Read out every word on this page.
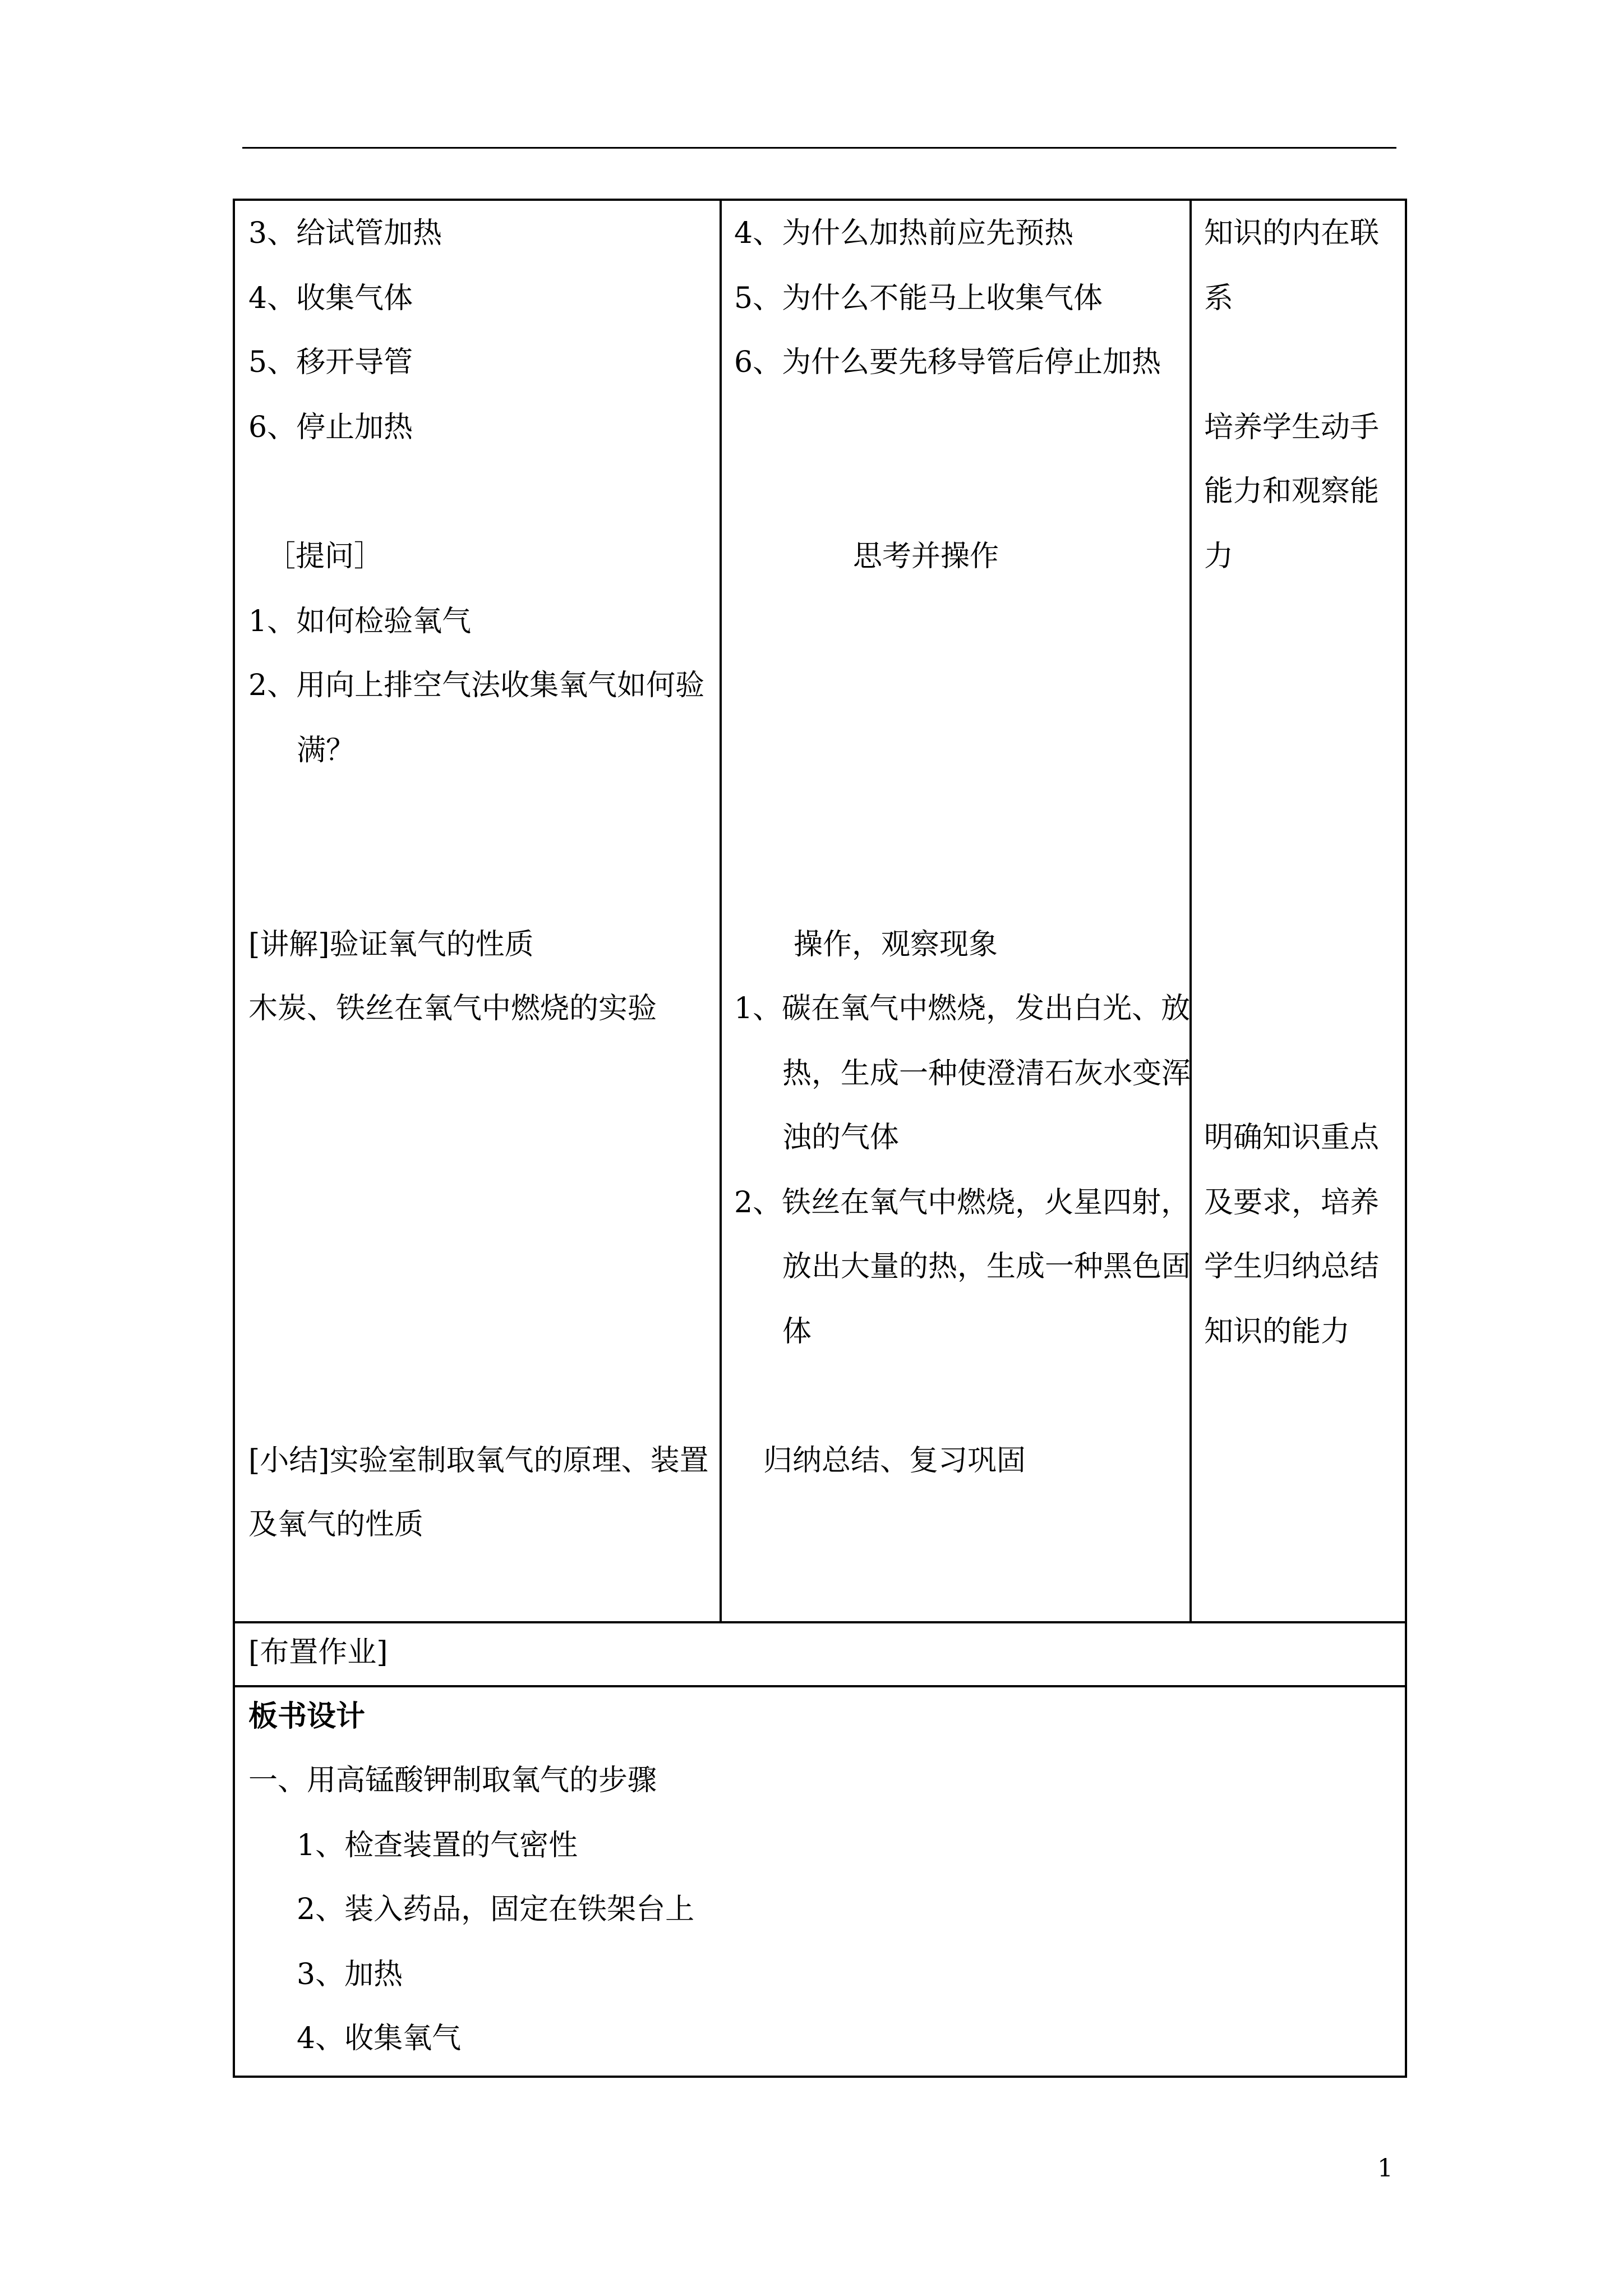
3、给试管加热
4、收集气体
5、移开导管
6、停止加热
［提问］
1、如何检验氧气
2、用向上排空气法收集氧气如何验
满？
[讲解]验证氧气的性质
木炭、铁丝在氧气中燃烧的实验
[小结]实验室制取氧气的原理、装置
及氧气的性质
4、为什么加热前应先预热
5、为什么不能马上收集气体
6、为什么要先移导管后停止加热
思考并操作
操作，观察现象
1、碳在氧气中燃烧，发出白光、放
热，生成一种使澄清石灰水变浑
浊的气体
2、铁丝在氧气中燃烧，火星四射，
放出大量的热，生成一种黑色固
体
归纳总结、复习巩固
知识的内在联
系
培养学生动手
能力和观察能
力
明确知识重点
及要求，培养
学生归纳总结
知识的能力
[布置作业]
板书设计
一、用高锰酸钾制取氧气的步骤
1、检查装置的气密性
2、装入药品，固定在铁架台上
3、加热
4、收集氧气
1
